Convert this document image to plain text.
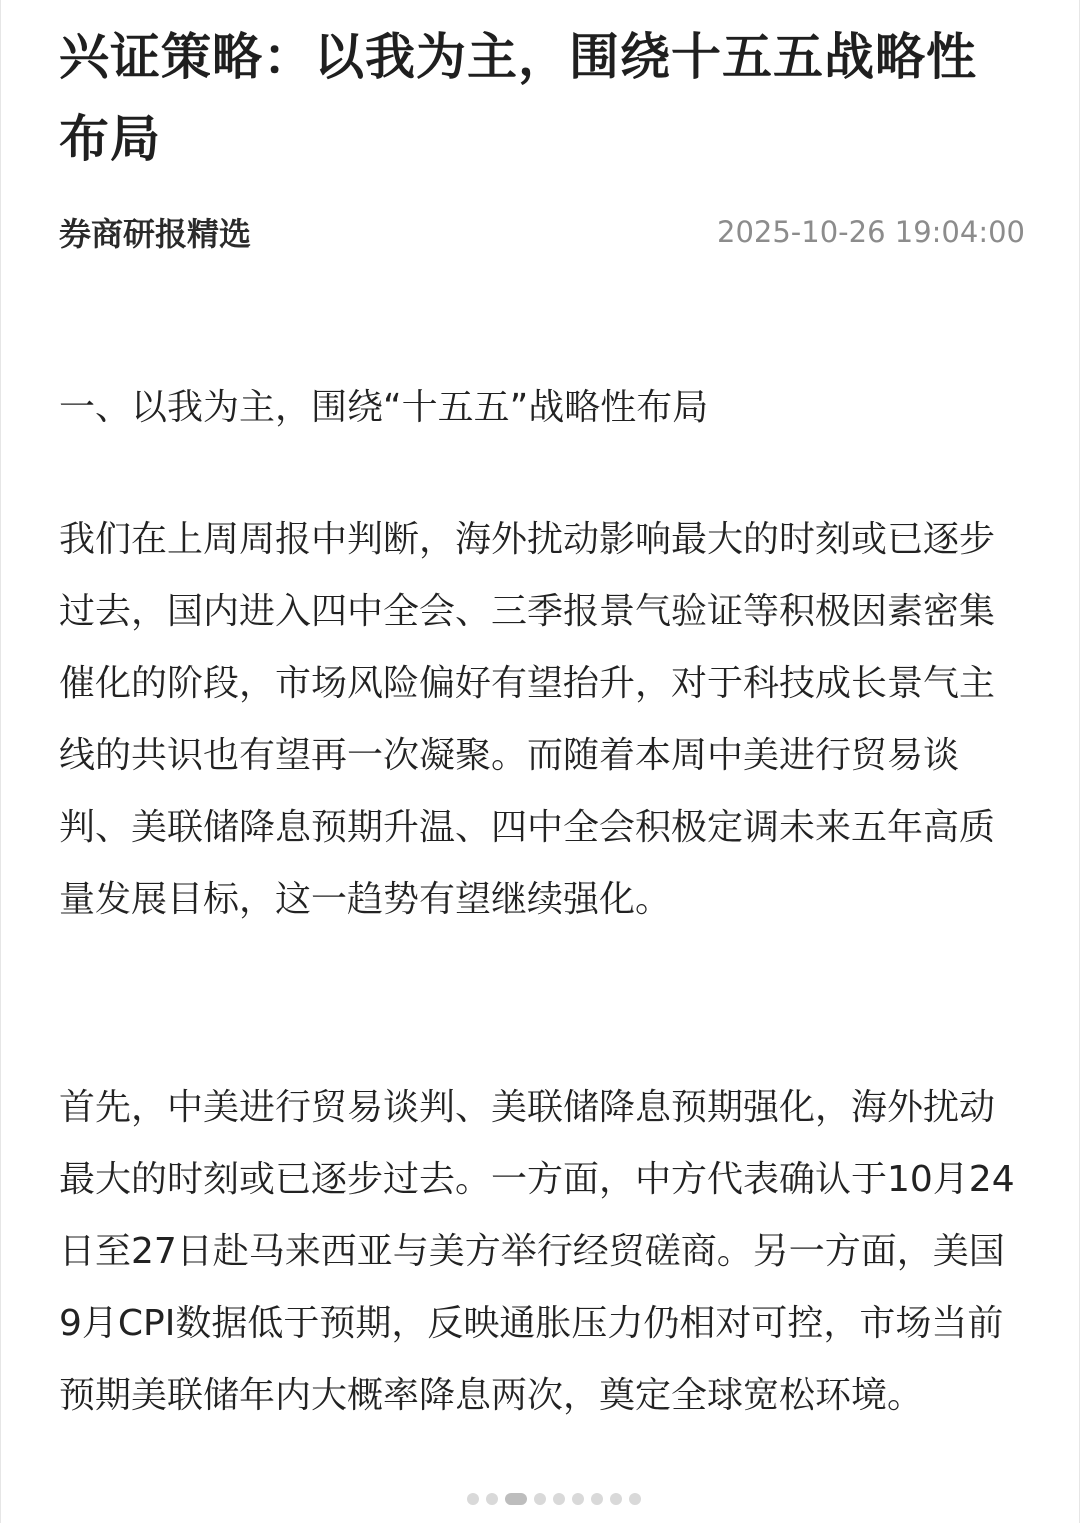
兴证策略：以我为主，围绕十五五战略性布局
券商研报精选	2025-10-26 19:04:00

一、以我为主，围绕“十五五”战略性布局

我们在上周周报中判断，海外扰动影响最大的时刻或已逐步过去，国内进入四中全会、三季报景气验证等积极因素密集催化的阶段，市场风险偏好有望抬升，对于科技成长景气主线的共识也有望再一次凝聚。而随着本周中美进行贸易谈判、美联储降息预期升温、四中全会积极定调未来五年高质量发展目标，这一趋势有望继续强化。

首先，中美进行贸易谈判、美联储降息预期强化，海外扰动最大的时刻或已逐步过去。一方面，中方代表确认于10月24日至27日赴马来西亚与美方举行经贸磋商。另一方面，美国9月CPI数据低于预期，反映通胀压力仍相对可控，市场当前预期美联储年内大概率降息两次，奠定全球宽松环境。
